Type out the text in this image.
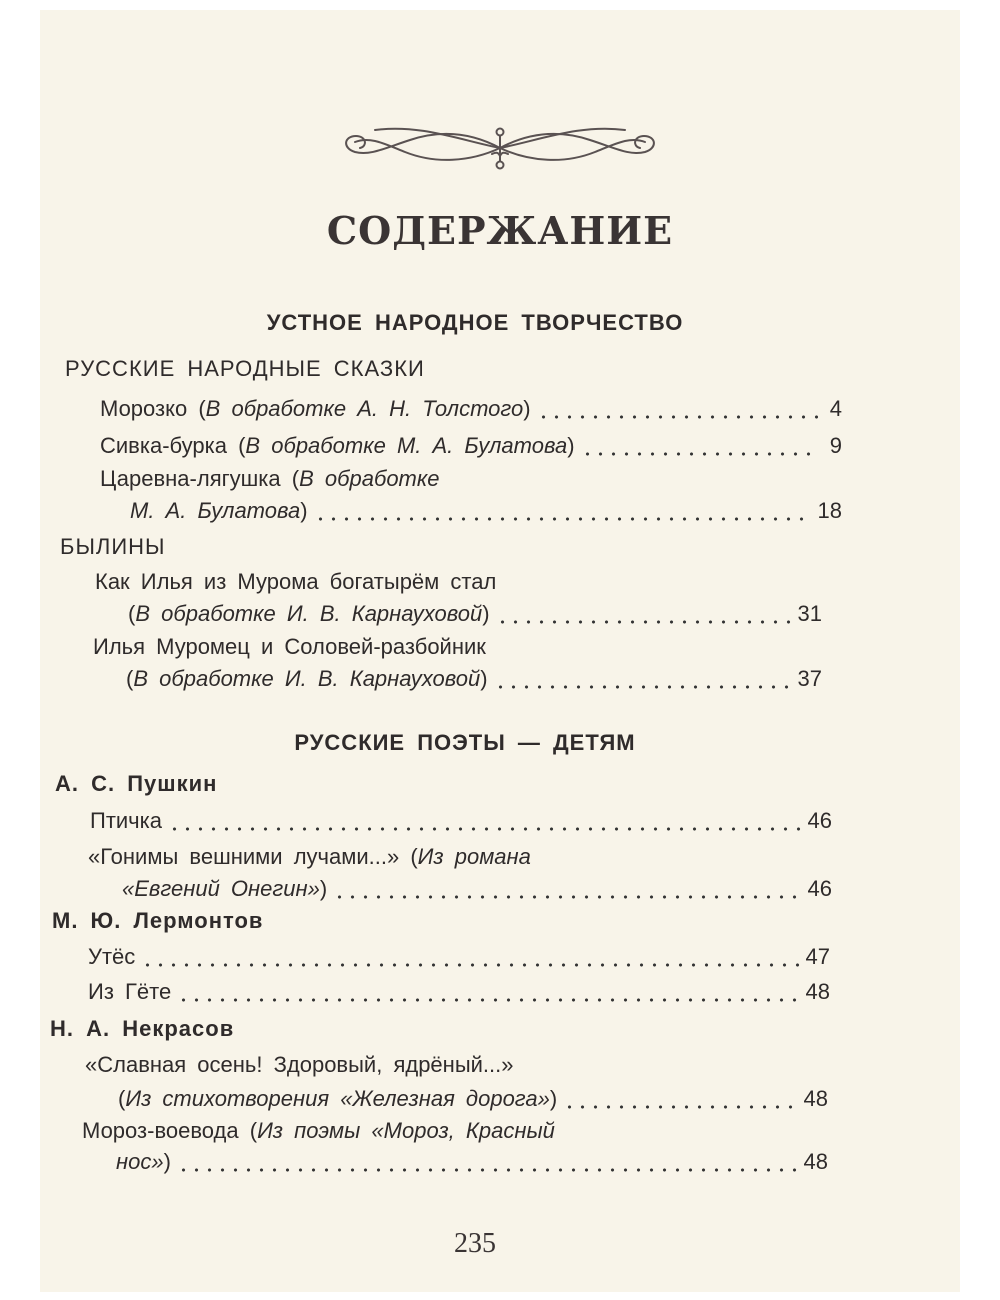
СОДЕРЖАНИЕ
УСТНОЕ НАРОДНОЕ ТВОРЧЕСТВО
РУССКИЕ НАРОДНЫЕ СКАЗКИ
Морозко ( В обработке А. Н. Толстого )	4
Сивка-бурка ( В обработке М. А. Булатова )	9
Царевна-лягушка ( В обработке
М. А. Булатова )	18
БЫЛИНЫ
Как Илья из Мурома богатырём стал
( В обработке И. В. Карнауховой )	31
Илья Муромец и Соловей-разбойник
( В обработке И. В. Карнауховой )	37
РУССКИЕ ПОЭТЫ — ДЕТЯМ
А. С. Пушкин
Птичка	46
«Гонимы вешними лучами...» ( Из романа
«Евгений Онегин» )	46
М. Ю. Лермонтов
Утёс	47
Из Гёте	48
Н. А. Некрасов
«Славная осень! Здоровый, ядрёный...»
( Из стихотворения «Железная дорога» )	48
Мороз-воевода ( Из поэмы «Мороз, Красный
нос» )	48
235
